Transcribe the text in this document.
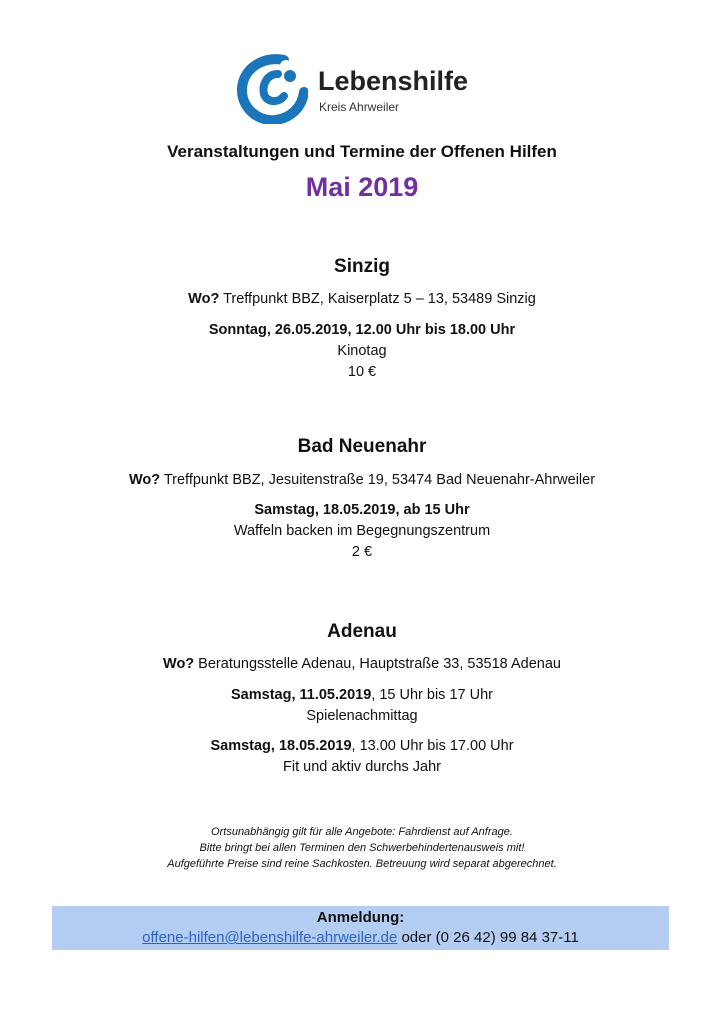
Lebenshilfe
Kreis Ahrweiler
Veranstaltungen und Termine der Offenen Hilfen
Mai 2019
Sinzig
Wo? Treffpunkt BBZ, Kaiserplatz 5 – 13, 53489 Sinzig
Sonntag, 26.05.2019, 12.00 Uhr bis 18.00 Uhr
Kinotag
10 €
Bad Neuenahr
Wo? Treffpunkt BBZ, Jesuitenstraße 19, 53474 Bad Neuenahr-Ahrweiler
Samstag, 18.05.2019, ab 15 Uhr
Waffeln backen im Begegnungszentrum
2 €
Adenau
Wo? Beratungsstelle Adenau, Hauptstraße 33, 53518 Adenau
Samstag, 11.05.2019, 15 Uhr bis 17 Uhr
Spielenachmittag
Samstag, 18.05.2019, 13.00 Uhr bis 17.00 Uhr
Fit und aktiv durchs Jahr
Ortsunabhängig gilt für alle Angebote: Fahrdienst auf Anfrage.
Bitte bringt bei allen Terminen den Schwerbehindertenausweis mit!
Aufgeführte Preise sind reine Sachkosten. Betreuung wird separat abgerechnet.
Anmeldung:
offene-hilfen@lebenshilfe-ahrweiler.de oder (0 26 42) 99 84 37-11
